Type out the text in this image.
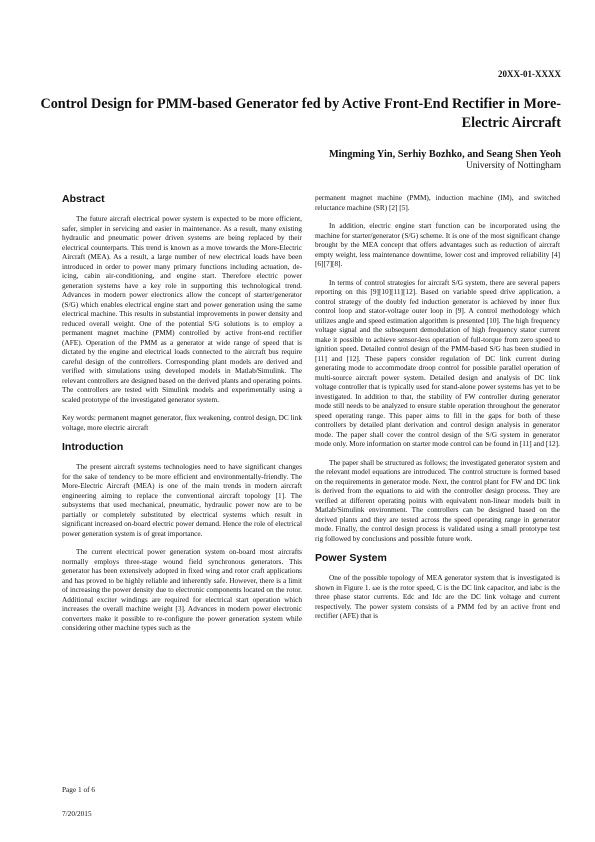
20XX-01-XXXX
Control Design for PMM-based Generator fed by Active Front-End Rectifier in More-Electric Aircraft
Mingming Yin, Serhiy Bozhko, and Seang Shen Yeoh
University of Nottingham
Abstract

The future aircraft electrical power system is expected to be more efficient, safer, simpler in servicing and easier in maintenance. As a result, many existing hydraulic and pneumatic power driven systems are being replaced by their electrical counterparts. This trend is known as a move towards the More-Electric Aircraft (MEA). As a result, a large number of new electrical loads have been introduced in order to power many primary functions including actuation, de-icing, cabin air-conditioning, and engine start. Therefore electric power generation systems have a key role in supporting this technological trend. Advances in modern power electronics allow the concept of starter/generator (S/G) which enables electrical engine start and power generation using the same electrical machine. This results in substantial improvements in power density and reduced overall weight. One of the potential S/G solutions is to employ a permanent magnet machine (PMM) controlled by active front-end rectifier (AFE). Operation of the PMM as a generator at wide range of speed that is dictated by the engine and electrical loads connected to the aircraft bus require careful design of the controllers. Corresponding plant models are derived and verified with simulations using developed models in Matlab/Simulink. The relevant controllers are designed based on the derived plants and operating points. The controllers are tested with Simulink models and experimentally using a scaled prototype of the investigated generator system.

Key words: permanent magnet generator, flux weakening, control design, DC link voltage, more electric aircraft

Introduction

The present aircraft systems technologies need to have significant changes for the sake of tendency to be more efficient and environmentally-friendly. The More-Electric Aircraft (MEA) is one of the main trends in modern aircraft engineering aiming to replace the conventional aircraft topology [1]. The subsystems that used mechanical, pneumatic, hydraulic power now are to be partially or completely substituted by electrical systems which result in significant increased on-board electric power demand. Hence the role of electrical power generation system is of great importance.

The current electrical power generation system on-board most aircrafts normally employs three-stage wound field synchronous generators. This generator has been extensively adopted in fixed wing and rotor craft applications and has proved to be highly reliable and inherently safe. However, there is a limit of increasing the power density due to electronic components located on the rotor. Additional exciter windings are required for electrical start operation which increases the overall machine weight [3]. Advances in modern power electronic converters make it possible to re-configure the power generation system while considering other machine types such as the

permanent magnet machine (PMM), induction machine (IM), and switched reluctance machine (SR) [2] [5].

In addition, electric engine start function can be incorporated using the machine for starter/generator (S/G) scheme. It is one of the most significant change brought by the MEA concept that offers advantages such as reduction of aircraft empty weight, less maintenance downtime, lower cost and improved reliability [4][6][7][8].

In terms of control strategies for aircraft S/G system, there are several papers reporting on this [9][10][11][12]. Based on variable speed drive application, a control strategy of the doubly fed induction generator is achieved by inner flux control loop and stator-voltage outer loop in [9]. A control methodology which utilizes angle and speed estimation algorithm is presented [10]. The high frequency voltage signal and the subsequent demodulation of high frequency stator current make it possible to achieve sensor-less operation of full-torque from zero speed to ignition speed. Detailed control design of the PMM-based S/G has been studied in [11] and [12]. These papers consider regulation of DC link current during generating mode to accommodate droop control for possible parallel operation of multi-source aircraft power system. Detailed design and analysis of DC link voltage controller that is typically used for stand-alone power systems has yet to be investigated. In addition to that, the stability of FW controller during generator mode still needs to be analyzed to ensure stable operation throughout the generator speed operating range. This paper aims to fill in the gaps for both of these controllers by detailed plant derivation and control design analysis in generator mode. The paper shall cover the control design of the S/G system in generator mode only. More information on starter mode control can be found in [11] and [12].

The paper shall be structured as follows; the investigated generator system and the relevant model equations are introduced. The control structure is formed based on the requirements in generator mode. Next, the control plant for FW and DC link is derived from the equations to aid with the controller design process. They are verified at different operating points with equivalent non-linear models built in Matlab/Simulink environment. The controllers can be designed based on the derived plants and they are tested across the speed operating range in generator mode. Finally, the control design process is validated using a small prototype test rig followed by conclusions and possible future work.

Power System

One of the possible topology of MEA generator system that is investigated is shown in Figure 1. ωe is the rotor speed, C is the DC link capacitor, and iabc is the three phase stator currents. Edc and Idc are the DC link voltage and current respectively. The power system consists of a PMM fed by an active front end rectifier (AFE) that is

Page 1 of 6
7/20/2015
